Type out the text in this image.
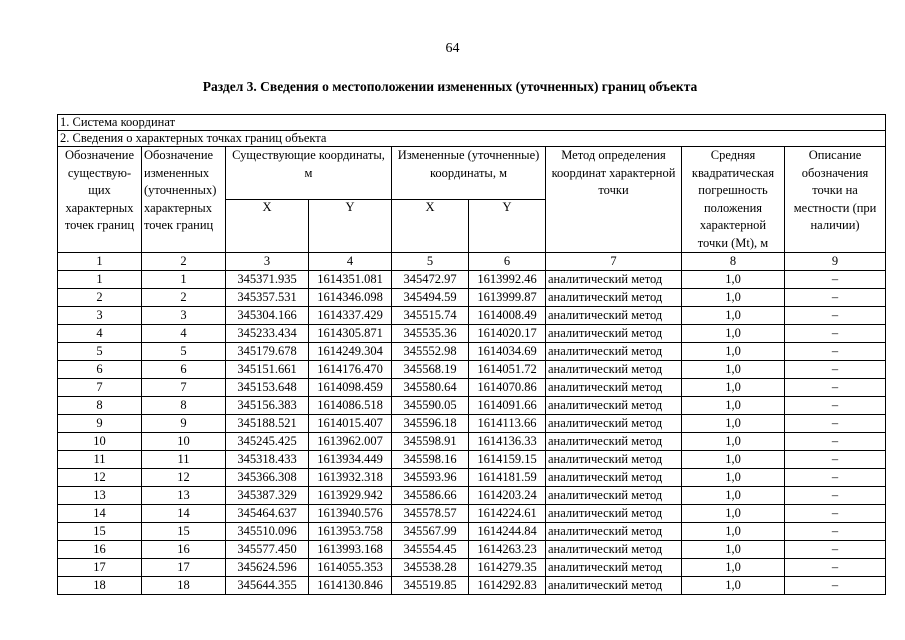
64
Раздел 3. Сведения о местоположении измененных (уточненных) границ объекта
1. Система координат								
2. Сведения о характерных точках границ объекта								
Обозначение существую-щих характерных точек границ	Обозначение измененных (уточненных) характерных точек границ	Существующие координаты, м		Измененные (уточненные) координаты, м		Метод определения координат характерной точки	Средняя квадратическая погрешность положения характерной точки (Mt), м	Описание обозначения точки на местности (при наличии)
		X	Y	X	Y			
1	2	3	4	5	6	7	8	9
1	1	345371.935	1614351.081	345472.97	1613992.46	аналитический метод	1,0	–
2	2	345357.531	1614346.098	345494.59	1613999.87	аналитический метод	1,0	–
3	3	345304.166	1614337.429	345515.74	1614008.49	аналитический метод	1,0	–
4	4	345233.434	1614305.871	345535.36	1614020.17	аналитический метод	1,0	–
5	5	345179.678	1614249.304	345552.98	1614034.69	аналитический метод	1,0	–
6	6	345151.661	1614176.470	345568.19	1614051.72	аналитический метод	1,0	–
7	7	345153.648	1614098.459	345580.64	1614070.86	аналитический метод	1,0	–
8	8	345156.383	1614086.518	345590.05	1614091.66	аналитический метод	1,0	–
9	9	345188.521	1614015.407	345596.18	1614113.66	аналитический метод	1,0	–
10	10	345245.425	1613962.007	345598.91	1614136.33	аналитический метод	1,0	–
11	11	345318.433	1613934.449	345598.16	1614159.15	аналитический метод	1,0	–
12	12	345366.308	1613932.318	345593.96	1614181.59	аналитический метод	1,0	–
13	13	345387.329	1613929.942	345586.66	1614203.24	аналитический метод	1,0	–
14	14	345464.637	1613940.576	345578.57	1614224.61	аналитический метод	1,0	–
15	15	345510.096	1613953.758	345567.99	1614244.84	аналитический метод	1,0	–
16	16	345577.450	1613993.168	345554.45	1614263.23	аналитический метод	1,0	–
17	17	345624.596	1614055.353	345538.28	1614279.35	аналитический метод	1,0	–
18	18	345644.355	1614130.846	345519.85	1614292.83	аналитический метод	1,0	–
